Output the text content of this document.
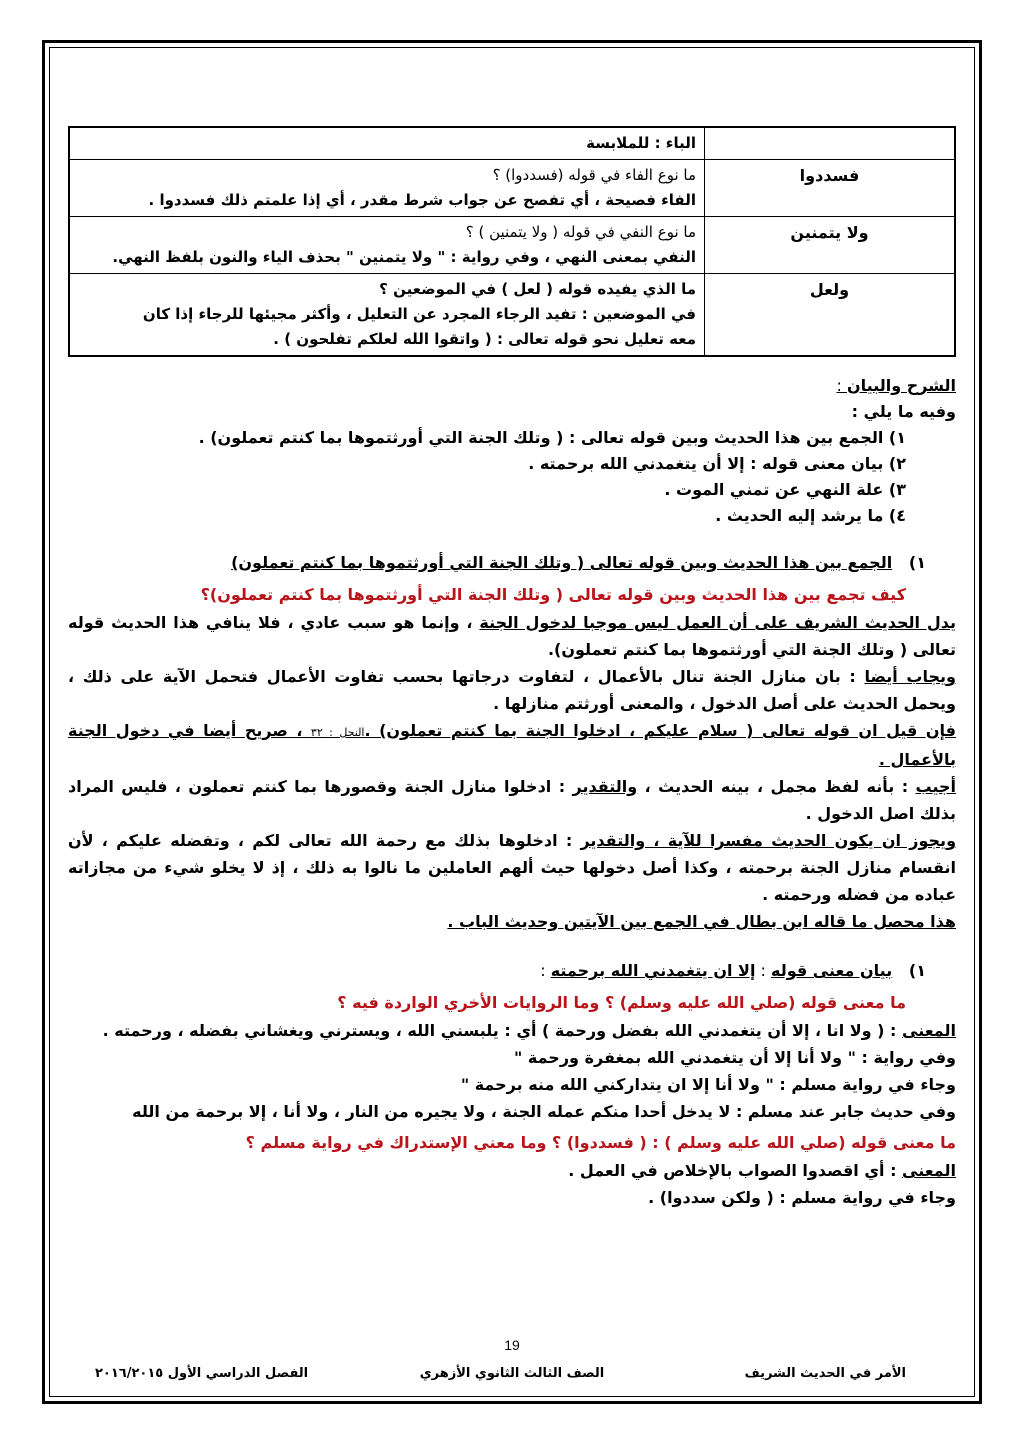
	الباء : للملابسة

فسددوا	ما نوع الفاء في قوله (فسددوا) ؟
الفاء فصيحة ، أي تفصح عن جواب شرط مقدر ، أي إذا علمتم ذلك فسددوا .

ولا يتمنين	ما نوع النفي في قوله ( ولا يتمنين ) ؟
النفي بمعنى النهي ، وفي رواية : " ولا يتمنين " بحذف الياء والنون بلفظ النهي.

ولعل	ما الذي يفيده قوله ( لعل ) في الموضعين ؟
في الموضعين : تفيد الرجاء المجرد عن التعليل ، وأكثر مجيئها للرجاء إذا كان
معه تعليل نحو قوله تعالى : ( واتقوا الله لعلكم تفلحون ) .
الشرح والبيان :
وفيه ما يلي :
١) الجمع بين هذا الحديث وبين قوله تعالى : ( وتلك الجنة التي أورثتموها بما كنتم تعملون) .
٢) بيان معنى قوله : إلا أن يتغمدني الله برحمته .
٣) علة النهي عن تمني الموت .
٤) ما يرشد إليه الحديث .
١)   الجمع بين هذا الحديث وبين قوله تعالى ( وتلك الجنة التي أورثتموها بما كنتم تعملون)
كيف تجمع بين هذا الحديث وبين قوله تعالى ( وتلك الجنة التي أورثتموها بما كنتم تعملون)؟
يدل الحديث الشريف على أن العمل ليس موجبا لدخول الجنة ، وإنما هو سبب عادي ، فلا ينافي هذا الحديث قوله تعالى ( وتلك الجنة التي أورثتموها بما كنتم تعملون).
ويجاب أيضا : بان منازل الجنة تنال بالأعمال ، لتفاوت درجاتها بحسب تفاوت الأعمال فتحمل الآية على ذلك ، ويحمل الحديث على أصل الدخول ، والمعنى أورثتم منازلها .
فإن قيل ان قوله تعالى ( سلام عليكم ، ادخلوا الجنة بما كنتم تعملون) .النحل : ٣٢ ، صريح أيضا في دخول الجنة بالأعمال .
أجيب : بأنه لفظ مجمل ، بينه الحديث ، والتقدير : ادخلوا منازل الجنة وقصورها بما كنتم تعملون ، فليس المراد بذلك اصل الدخول .
ويجوز ان يكون الحديث مفسرا للآية ، والتقدير : ادخلوها بذلك مع رحمة الله تعالى لكم ، وتفضله عليكم ، لأن انقسام منازل الجنة برحمته ، وكذا أصل دخولها حيث ألهم العاملين ما نالوا به ذلك ، إذ لا يخلو شيء من مجازاته عباده من فضله ورحمته .
هذا محصل ما قاله ابن بطال في الجمع بين الآيتين وحديث الباب .
١)   بيان معنى قوله : إلا ان يتغمدني الله برحمته :
ما معنى قوله (صلي الله عليه وسلم) ؟ وما الروايات الأخري الواردة فيه ؟
المعنى : ( ولا انا ، إلا أن يتغمدني الله بفضل ورحمة ) أي : يلبسني الله ، ويسترني ويغشاني بفضله ، ورحمته .
وفي رواية : " ولا أنا إلا أن يتغمدني الله بمغفرة ورحمة "
وجاء في رواية مسلم : " ولا أنا إلا ان يتداركني الله منه برحمة "
وفي حديث جابر عند مسلم : لا يدخل أحدا منكم عمله الجنة ، ولا يجيره من النار ، ولا أنا ، إلا برحمة من الله
ما معنى قوله (صلي الله عليه وسلم ) : ( فسددوا) ؟ وما معني الإستدراك في رواية مسلم ؟
المعنى : أي اقصدوا الصواب بالإخلاص في العمل .
وجاء في رواية مسلم : ( ولكن سددوا) .
19
الأمر في الحديث الشريف
الصف الثالث الثانوي الأزهري
الفصل الدراسي الأول ٢٠١٦/٢٠١٥
